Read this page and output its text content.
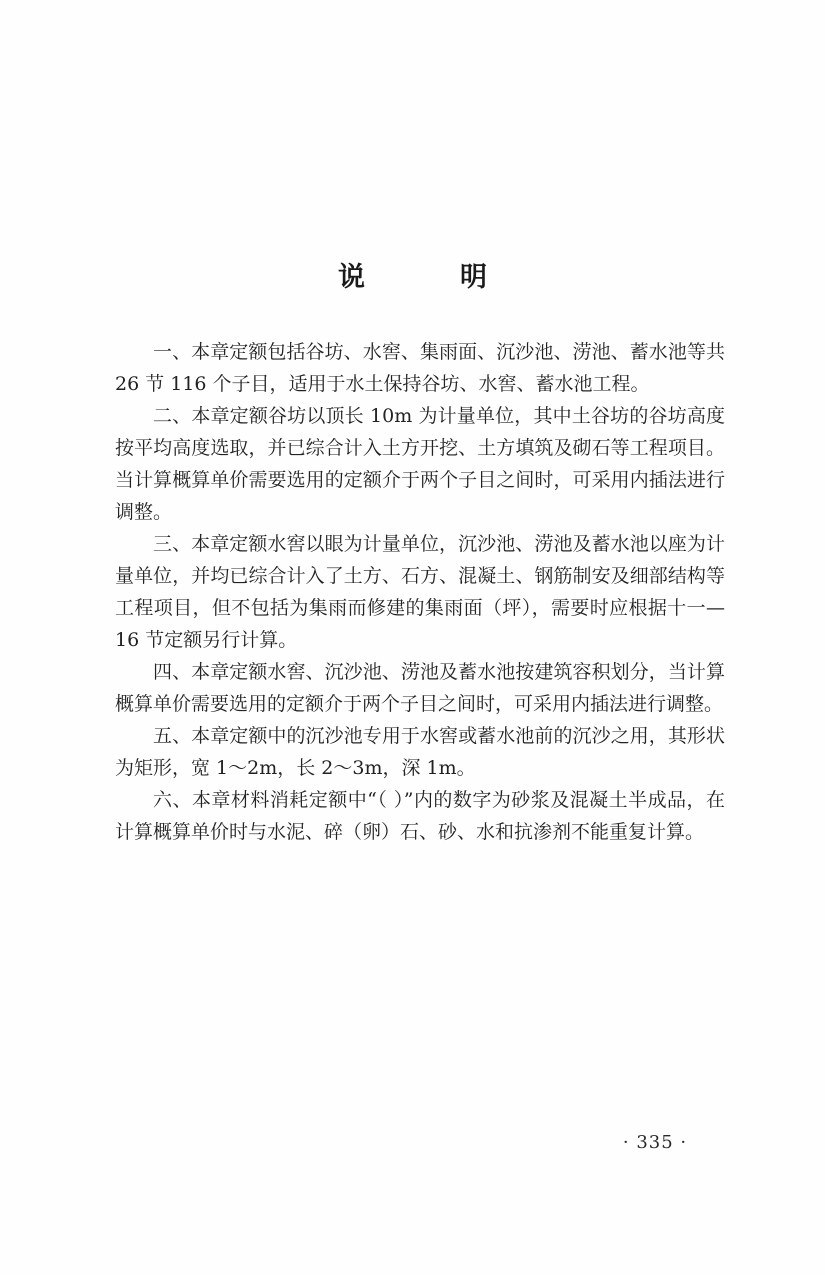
说　明

一、本章定额包括谷坊、水窖、集雨面、沉沙池、涝池、蓄水池等共 26 节 116 个子目，适用于水土保持谷坊、水窖、蓄水池工程。

二、本章定额谷坊以顶长 10m 为计量单位，其中土谷坊的谷坊高度按平均高度选取，并已综合计入土方开挖、土方填筑及砌石等工程项目。当计算概算单价需要选用的定额介于两个子目之间时，可采用内插法进行调整。

三、本章定额水窖以眼为计量单位，沉沙池、涝池及蓄水池以座为计量单位，并均已综合计入了土方、石方、混凝土、钢筋制安及细部结构等工程项目，但不包括为集雨而修建的集雨面（坪），需要时应根据十一—16 节定额另行计算。

四、本章定额水窖、沉沙池、涝池及蓄水池按建筑容积划分，当计算概算单价需要选用的定额介于两个子目之间时，可采用内插法进行调整。

五、本章定额中的沉沙池专用于水窖或蓄水池前的沉沙之用，其形状为矩形，宽 1～2m，长 2～3m，深 1m。

六、本章材料消耗定额中“（ ）”内的数字为砂浆及混凝土半成品，在计算概算单价时与水泥、碎（卵）石、砂、水和抗渗剂不能重复计算。

· 335 ·
